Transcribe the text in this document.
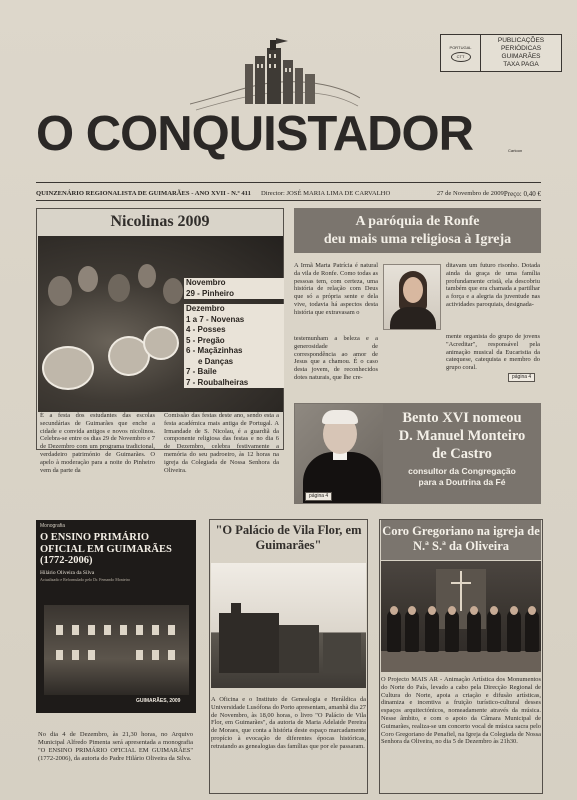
PORTUGAL
CTT
PUBLICAÇÕES
PERIÓDICAS
GUIMARÃES
TAXA PAGA
O CONQUISTADOR	Cartoon
QUINZENÁRIO REGIONALISTA DE GUIMARÃES - ANO XVII - N.º 411 Director: JOSÉ MARIA LIMA DE CARVALHO	27 de Novembro de 2009 Preço: 0,40 €
Nicolinas 2009
Novembro
29 - Pinheiro
Dezembro
1 a 7 - Novenas
4 - Posses
5 - Pregão
6 - Maçãzinhas
e Danças
7 - Baile
7 - Roubalheiras
É a festa dos estudantes das escolas secundárias de Guimarães que enche a cidade e convida antigos e novos nicolinos. Celebra-se entre os dias 29 de Novembro e 7 de Dezembro com um programa tradicional, verdadeiro património de Guimarães. O apelo à moderação para a noite do Pinheiro vem da parte da
Comissão das festas deste ano, sendo esta a festa académica mais antiga de Portugal. A Irmandade de S. Nicolau, é a guardiã da componente religiosa das festas e no dia 6 de Dezembro, celebra festivamente a memória do seu padroeiro, às 12 horas na igreja da Colegiada de Nossa Senhora da Oliveira.
A paróquia de Ronfe
deu mais uma religiosa à Igreja
A Irmã Marta Patrícia é natural da vila de Ronfe. Como todas as pessoas tem, com certeza, uma história de relação com Deus que só a própria sente e dela vive, todavia há aspectos desta história que extravasam o
testemunham a beleza e a generosidade de correspondência ao amor de Jesus que a chamou. É o caso desta jovem, de reconhecidos dotes naturais, que lhe cre-
ditavam um futuro risonho. Dotada ainda da graça de uma família profundamente cristã, ela descobriu também que era chamada a partilhar a força e a alegria da juventude nas actividades paroquiais, designada-
mente organista do grupo de jovens "Acreditar", responsável pela animação musical da Eucaristia da catequese, catequista e membro do grupo coral.
página 4
página 4
Bento XVI nomeou
D. Manuel Monteiro
de Castro
consultor da Congregação
para a Doutrina da Fé
Monografia
O ENSINO PRIMÁRIO OFICIAL EM GUIMARÃES (1772-2006)
Hilário Oliveira da Silva
Actualizado e Reformulado pelo Dr. Fernando Monteiro
GUIMARÃES, 2009
No dia 4 de Dezembro, às 21,30 horas, no Arquivo Municipal Alfredo Pimenta será apresentada a monografia "O ENSINO PRIMÁRIO OFICIAL EM GUIMARÃES" (1772-2006), da autoria do Padre Hilário Oliveira da Silva.
"O Palácio de Vila Flor, em Guimarães"
A Oficina e o Instituto de Genealogia e Heráldica da Universidade Lusófona do Porto apresentam, amanhã dia 27 de Novembro, às 18,00 horas, o livro "O Palácio de Vila Flor, em Guimarães", da autoria de Maria Adelaide Pereira de Moraes, que conta a história deste espaço marcadamente propício à evocação de diferentes épocas históricas, retratando as genealogias das famílias que por ele passaram.
Coro Gregoriano na igreja de N.ª S.ª da Oliveira
O Projecto MAIS AR - Animação Artística dos Monumentos do Norte do País, levado a cabo pela Direcção Regional de Cultura do Norte, apoia a criação e difusão artísticas, dinamiza e incentiva a fruição turístico-cultural desses espaços arquitectónicos, nomeadamente através da música. Nesse âmbito, e com o apoio da Câmara Municipal de Guimarães, realiza-se um concerto vocal de música sacra pelo Coro Gregoriano de Penafiel, na Igreja da Colegiada de Nossa Senhora da Oliveira, no dia 5 de Dezembro às 21h30.
